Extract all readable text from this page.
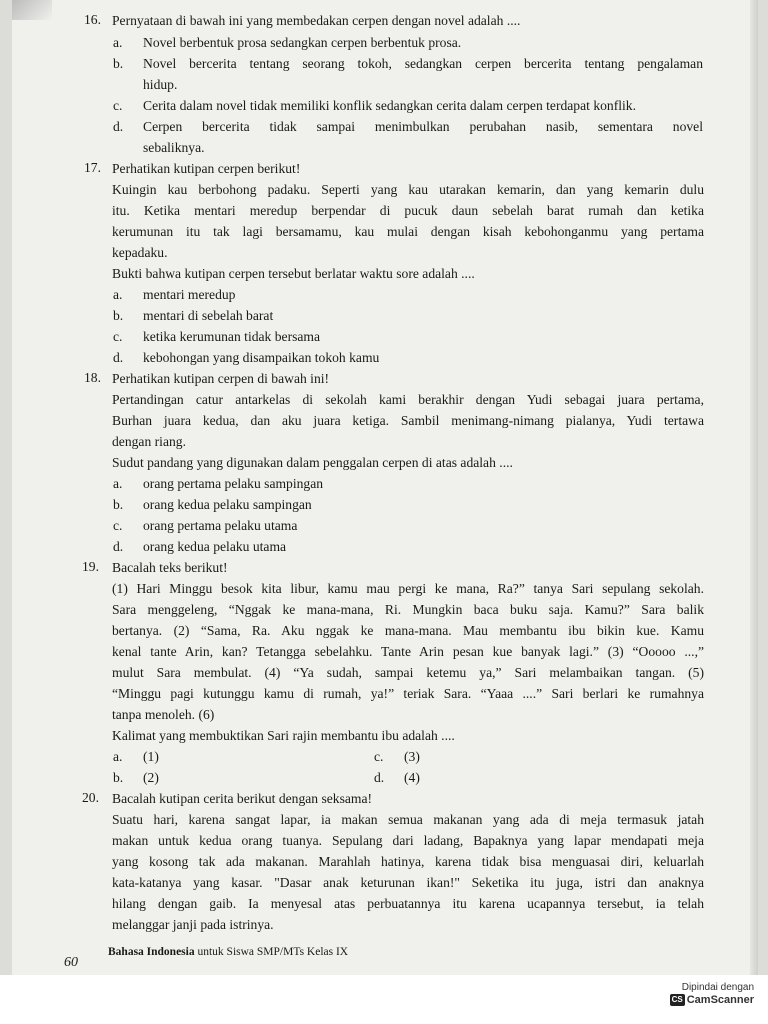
16. Pernyataan di bawah ini yang membedakan cerpen dengan novel adalah ....
a. Novel berbentuk prosa sedangkan cerpen berbentuk prosa.
b. Novel bercerita tentang seorang tokoh, sedangkan cerpen bercerita tentang pengalaman
hidup.
c. Cerita dalam novel tidak memiliki konflik sedangkan cerita dalam cerpen terdapat konflik.
d. Cerpen bercerita tidak sampai menimbulkan perubahan nasib, sementara novel
sebaliknya.
17. Perhatikan kutipan cerpen berikut!
Kuingin kau berbohong padaku. Seperti yang kau utarakan kemarin, dan yang kemarin dulu
itu. Ketika mentari meredup berpendar di pucuk daun sebelah barat rumah dan ketika
kerumunan itu tak lagi bersamamu, kau mulai dengan kisah kebohonganmu yang pertama
kepadaku.
Bukti bahwa kutipan cerpen tersebut berlatar waktu sore adalah ....
a. mentari meredup
b. mentari di sebelah barat
c. ketika kerumunan tidak bersama
d. kebohongan yang disampaikan tokoh kamu
18. Perhatikan kutipan cerpen di bawah ini!
Pertandingan catur antarkelas di sekolah kami berakhir dengan Yudi sebagai juara pertama,
Burhan juara kedua, dan aku juara ketiga. Sambil menimang-nimang pialanya, Yudi tertawa
dengan riang.
Sudut pandang yang digunakan dalam penggalan cerpen di atas adalah ....
a. orang pertama pelaku sampingan
b. orang kedua pelaku sampingan
c. orang pertama pelaku utama
d. orang kedua pelaku utama
19. Bacalah teks berikut!
(1) Hari Minggu besok kita libur, kamu mau pergi ke mana, Ra?” tanya Sari sepulang sekolah.
Sara menggeleng, “Nggak ke mana-mana, Ri. Mungkin baca buku saja. Kamu?” Sara balik
bertanya. (2) “Sama, Ra. Aku nggak ke mana-mana. Mau membantu ibu bikin kue. Kamu
kenal tante Arin, kan? Tetangga sebelahku. Tante Arin pesan kue banyak lagi.” (3) “Ooooo ...,”
mulut Sara membulat. (4) “Ya sudah, sampai ketemu ya,” Sari melambaikan tangan. (5)
“Minggu pagi kutunggu kamu di rumah, ya!” teriak Sara. “Yaaa ....” Sari berlari ke rumahnya
tanpa menoleh. (6)
Kalimat yang membuktikan Sari rajin membantu ibu adalah ....
a. (1)
b. (2)
c. (3)
d. (4)
20. Bacalah kutipan cerita berikut dengan seksama!
Suatu hari, karena sangat lapar, ia makan semua makanan yang ada di meja termasuk jatah
makan untuk kedua orang tuanya. Sepulang dari ladang, Bapaknya yang lapar mendapati meja
yang kosong tak ada makanan. Marahlah hatinya, karena tidak bisa menguasai diri, keluarlah
kata-katanya yang kasar. "Dasar anak keturunan ikan!" Seketika itu juga, istri dan anaknya
hilang dengan gaib. Ia menyesal atas perbuatannya itu karena ucapannya tersebut, ia telah
melanggar janji pada istrinya.
60
Bahasa Indonesia untuk Siswa SMP/MTs Kelas IX
Dipindai dengan
CS CamScanner
